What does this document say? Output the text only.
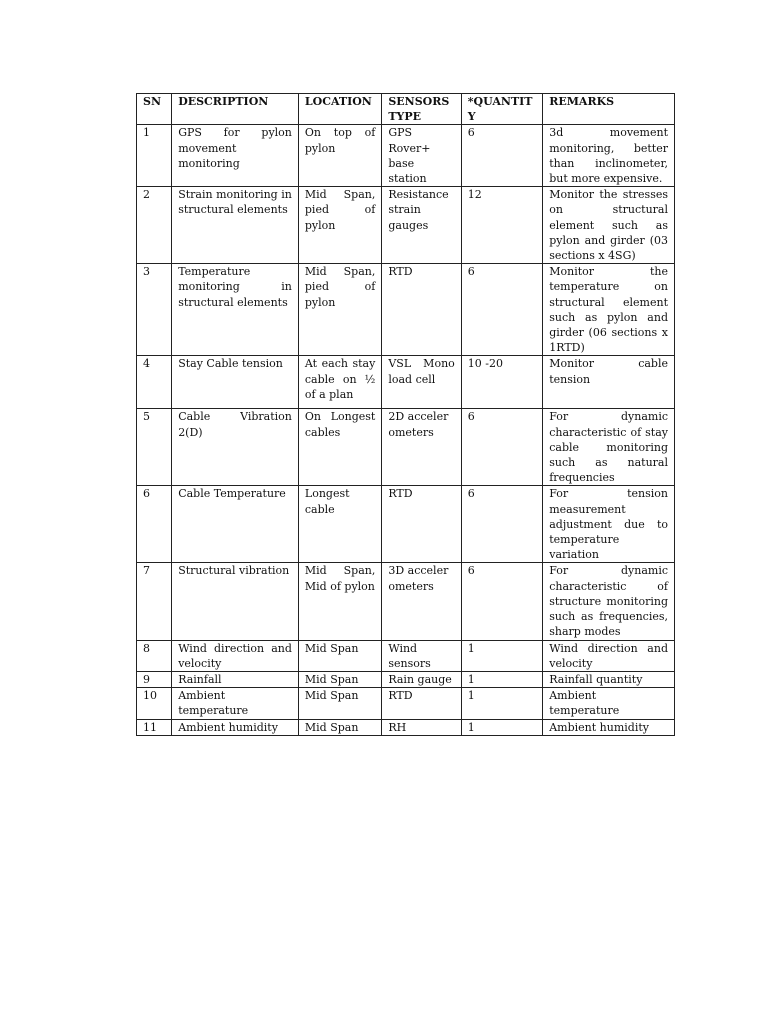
SN	DESCRIPTION	LOCATION	SENSORS TYPE	*QUANTITY	REMARKS
1	GPS for pylon movement monitoring	On top of pylon	GPS Rover+ base station	6	3d movement monitoring, better than inclinometer, but more expensive.
2	Strain monitoring in structural elements	Mid Span, pied of pylon	Resistance strain gauges	12	Monitor the stresses on structural element such as pylon and girder (03 sections x 4SG)
3	Temperature monitoring in structural elements	Mid Span, pied of pylon	RTD	6	Monitor the temperature on structural element such as pylon and girder (06 sections x 1RTD)
4	Stay Cable tension	At each stay cable on ½ of a plan	VSL Mono load cell	10 -20	Monitor cable tension
5	Cable Vibration 2(D)	On Longest cables	2D accelerometers	6	For dynamic characteristic of stay cable monitoring such as natural frequencies
6	Cable Temperature	Longest cable	RTD	6	For tension measurement adjustment due to temperature variation
7	Structural vibration	Mid Span, Mid of pylon	3D accelerometers	6	For dynamic characteristic of structure monitoring such as frequencies, sharp modes
8	Wind direction and velocity	Mid Span	Wind sensors	1	Wind direction and velocity
9	Rainfall	Mid Span	Rain gauge	1	Rainfall quantity
10	Ambient temperature	Mid Span	RTD	1	Ambient temperature
11	Ambient humidity	Mid Span	RH	1	Ambient humidity
